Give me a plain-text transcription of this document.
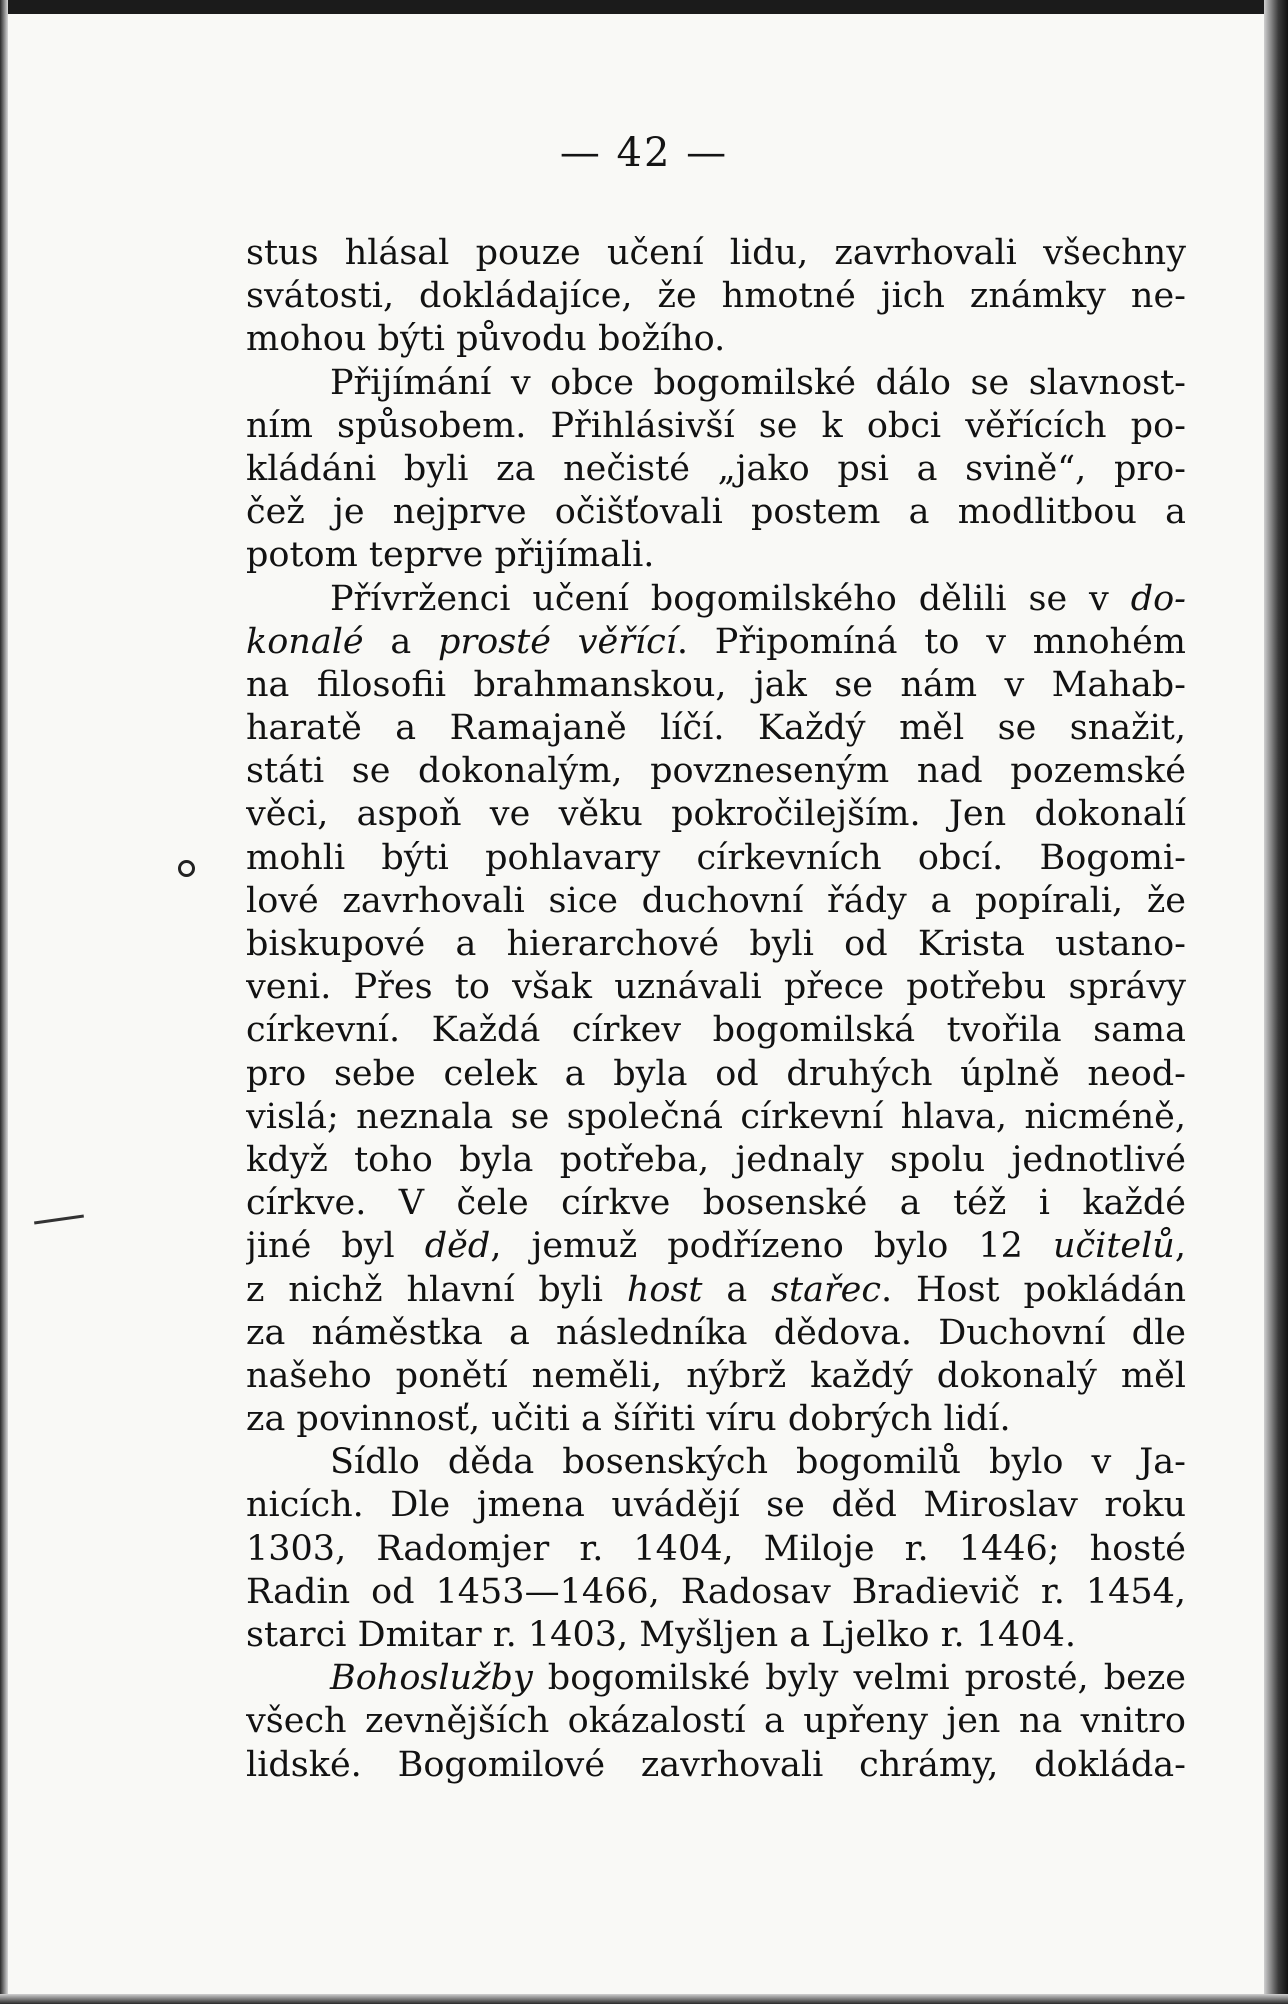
— 42 —
stus hlásal pouze učení lidu, zavrhovali všechny
svátosti, dokládajíce, že hmotné jich známky ne-
mohou býti původu božího.
Přijímání v obce bogomilské dálo se slavnost-
ním spůsobem. Přihlásivší se k obci věřících po-
kládáni byli za nečisté „jako psi a svině“, pro-
čež je nejprve očišťovali postem a modlitbou a
potom teprve přijímali.
Přívrženci učení bogomilského dělili se v do-
konalé a prosté věřící. Připomíná to v mnohém
na filosofii brahmanskou, jak se nám v Mahab-
haratě a Ramajaně líčí. Každý měl se snažit,
státi se dokonalým, povzneseným nad pozemské
věci, aspoň ve věku pokročilejším. Jen dokonalí
mohli býti pohlavary církevních obcí. Bogomi-
lové zavrhovali sice duchovní řády a popírali, že
biskupové a hierarchové byli od Krista ustano-
veni. Přes to však uznávali přece potřebu správy
církevní. Každá církev bogomilská tvořila sama
pro sebe celek a byla od druhých úplně neod-
vislá; neznala se společná církevní hlava, nicméně,
když toho byla potřeba, jednaly spolu jednotlivé
církve. V čele církve bosenské a též i každé
jiné byl děd, jemuž podřízeno bylo 12 učitelů,
z nichž hlavní byli host a stařec. Host pokládán
za náměstka a následníka dědova. Duchovní dle
našeho ponětí neměli, nýbrž každý dokonalý měl
za povinnosť, učiti a šířiti víru dobrých lidí.
Sídlo děda bosenských bogomilů bylo v Ja-
nicích. Dle jmena uvádějí se děd Miroslav roku
1303, Radomjer r. 1404, Miloje r. 1446; hosté
Radin od 1453—1466, Radosav Bradievič r. 1454,
starci Dmitar r. 1403, Myšljen a Ljelko r. 1404.
Bohoslužby bogomilské byly velmi prosté, beze
všech zevnějších okázalostí a upřeny jen na vnitro
lidské. Bogomilové zavrhovali chrámy, dokláda-
